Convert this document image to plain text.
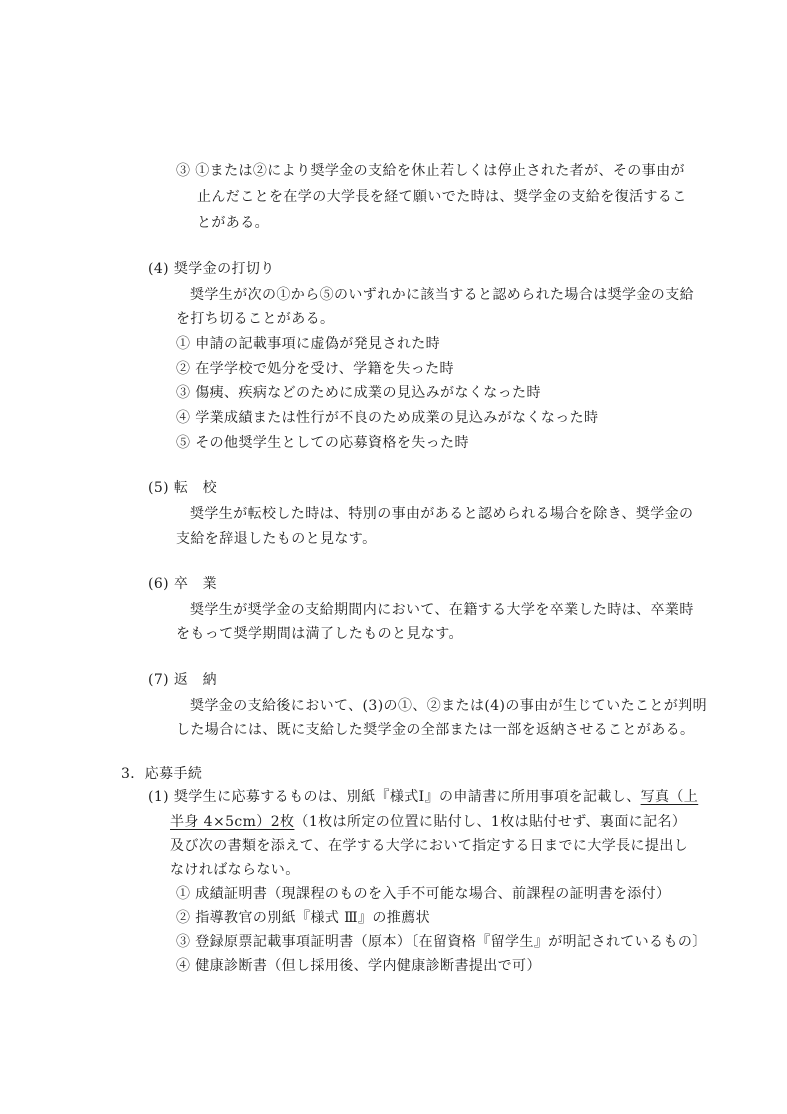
③ ①または②により奨学金の支給を休止若しくは停止された者が、その事由が
止んだことを在学の大学長を経て願いでた時は、奨学金の支給を復活するこ
とがある。
(4) 奨学金の打切り
奨学生が次の①から⑤のいずれかに該当すると認められた場合は奨学金の支給
を打ち切ることがある。
① 申請の記載事項に虚偽が発見された時
② 在学学校で処分を受け、学籍を失った時
③ 傷痍、疾病などのために成業の見込みがなくなった時
④ 学業成績または性行が不良のため成業の見込みがなくなった時
⑤ その他奨学生としての応募資格を失った時
(5) 転　校
奨学生が転校した時は、特別の事由があると認められる場合を除き、奨学金の
支給を辞退したものと見なす。
(6) 卒　業
奨学生が奨学金の支給期間内において、在籍する大学を卒業した時は、卒業時
をもって奨学期間は満了したものと見なす。
(7) 返　納
奨学金の支給後において、(3)の①、②または(4)の事由が生じていたことが判明
した場合には、既に支給した奨学金の全部または一部を返納させることがある。
3．応募手続
(1) 奨学生に応募するものは、別紙『様式Ⅰ』の申請書に所用事項を記載し、写真（上
半身 4×5cm）2枚（1枚は所定の位置に貼付し、1枚は貼付せず、裏面に記名）
及び次の書類を添えて、在学する大学において指定する日までに大学長に提出し
なければならない。
① 成績証明書（現課程のものを入手不可能な場合、前課程の証明書を添付）
② 指導教官の別紙『様式 Ⅲ』の推薦状
③ 登録原票記載事項証明書（原本）〔在留資格『留学生』が明記されているもの〕
④ 健康診断書（但し採用後、学内健康診断書提出で可）
